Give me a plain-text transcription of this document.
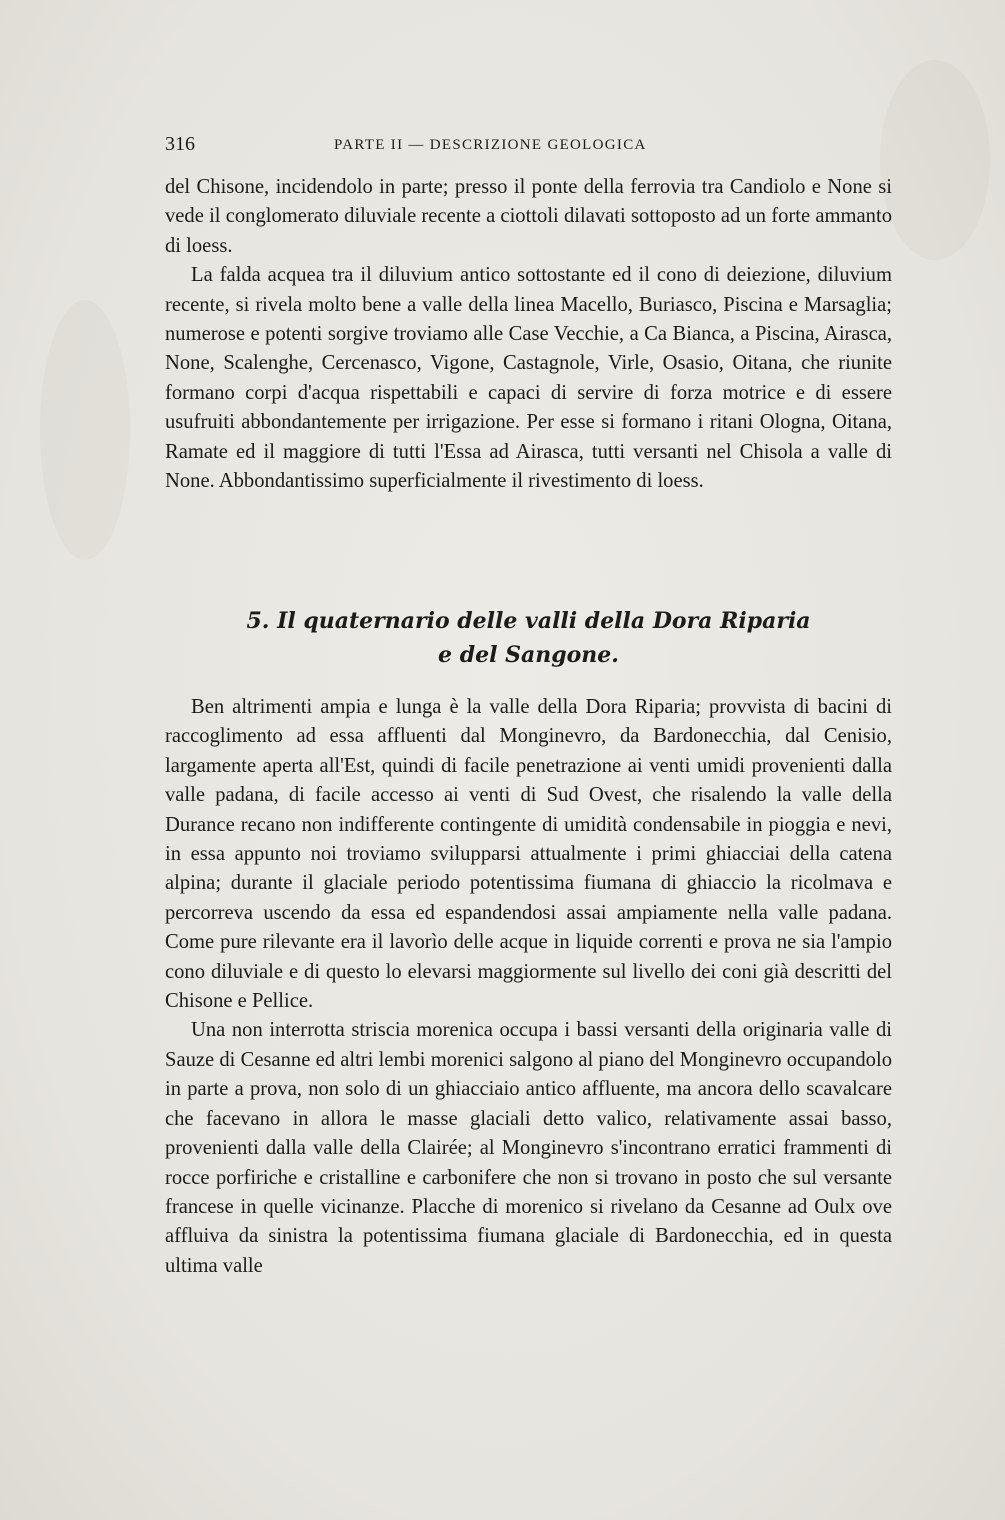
316	PARTE II — DESCRIZIONE GEOLOGICA

del Chisone, incidendolo in parte; presso il ponte della ferrovia tra Candiolo e None si vede il conglomerato diluviale recente a ciottoli dilavati sottoposto ad un forte ammanto di loess.

La falda acquea tra il diluvium antico sottostante ed il cono di deiezione, diluvium recente, si rivela molto bene a valle della linea Macello, Buriasco, Piscina e Marsaglia; numerose e potenti sorgive troviamo alle Case Vecchie, a Ca Bianca, a Piscina, Airasca, None, Scalenghe, Cercenasco, Vigone, Castagnole, Virle, Osasio, Oitana, che riunite formano corpi d'acqua rispettabili e capaci di servire di forza motrice e di essere usufruiti abbondantemente per irrigazione. Per esse si formano i ritani Ologna, Oitana, Ramate ed il maggiore di tutti l'Essa ad Airasca, tutti versanti nel Chisola a valle di None. Abbondantissimo superficialmente il rivestimento di loess.

5. Il quaternario delle valli della Dora Riparia
e del Sangone.

Ben altrimenti ampia e lunga è la valle della Dora Riparia; provvista di bacini di raccoglimento ad essa affluenti dal Monginevro, da Bardonecchia, dal Cenisio, largamente aperta all'Est, quindi di facile penetrazione ai venti umidi provenienti dalla valle padana, di facile accesso ai venti di Sud Ovest, che risalendo la valle della Durance recano non indifferente contingente di umidità condensabile in pioggia e nevi, in essa appunto noi troviamo svilupparsi attualmente i primi ghiacciai della catena alpina; durante il glaciale periodo potentissima fiumana di ghiaccio la ricolmava e percorreva uscendo da essa ed espandendosi assai ampiamente nella valle padana. Come pure rilevante era il lavorìo delle acque in liquide correnti e prova ne sia l'ampio cono diluviale e di questo lo elevarsi maggiormente sul livello dei coni già descritti del Chisone e Pellice.

Una non interrotta striscia morenica occupa i bassi versanti della originaria valle di Sauze di Cesanne ed altri lembi morenici salgono al piano del Monginevro occupandolo in parte a prova, non solo di un ghiacciaio antico affluente, ma ancora dello scavalcare che facevano in allora le masse glaciali detto valico, relativamente assai basso, provenienti dalla valle della Clairée; al Monginevro s'incontrano erratici frammenti di rocce porfiriche e cristalline e carbonifere che non si trovano in posto che sul versante francese in quelle vicinanze. Placche di morenico si rivelano da Cesanne ad Oulx ove affluiva da sinistra la potentissima fiumana glaciale di Bardonecchia, ed in questa ultima valle
